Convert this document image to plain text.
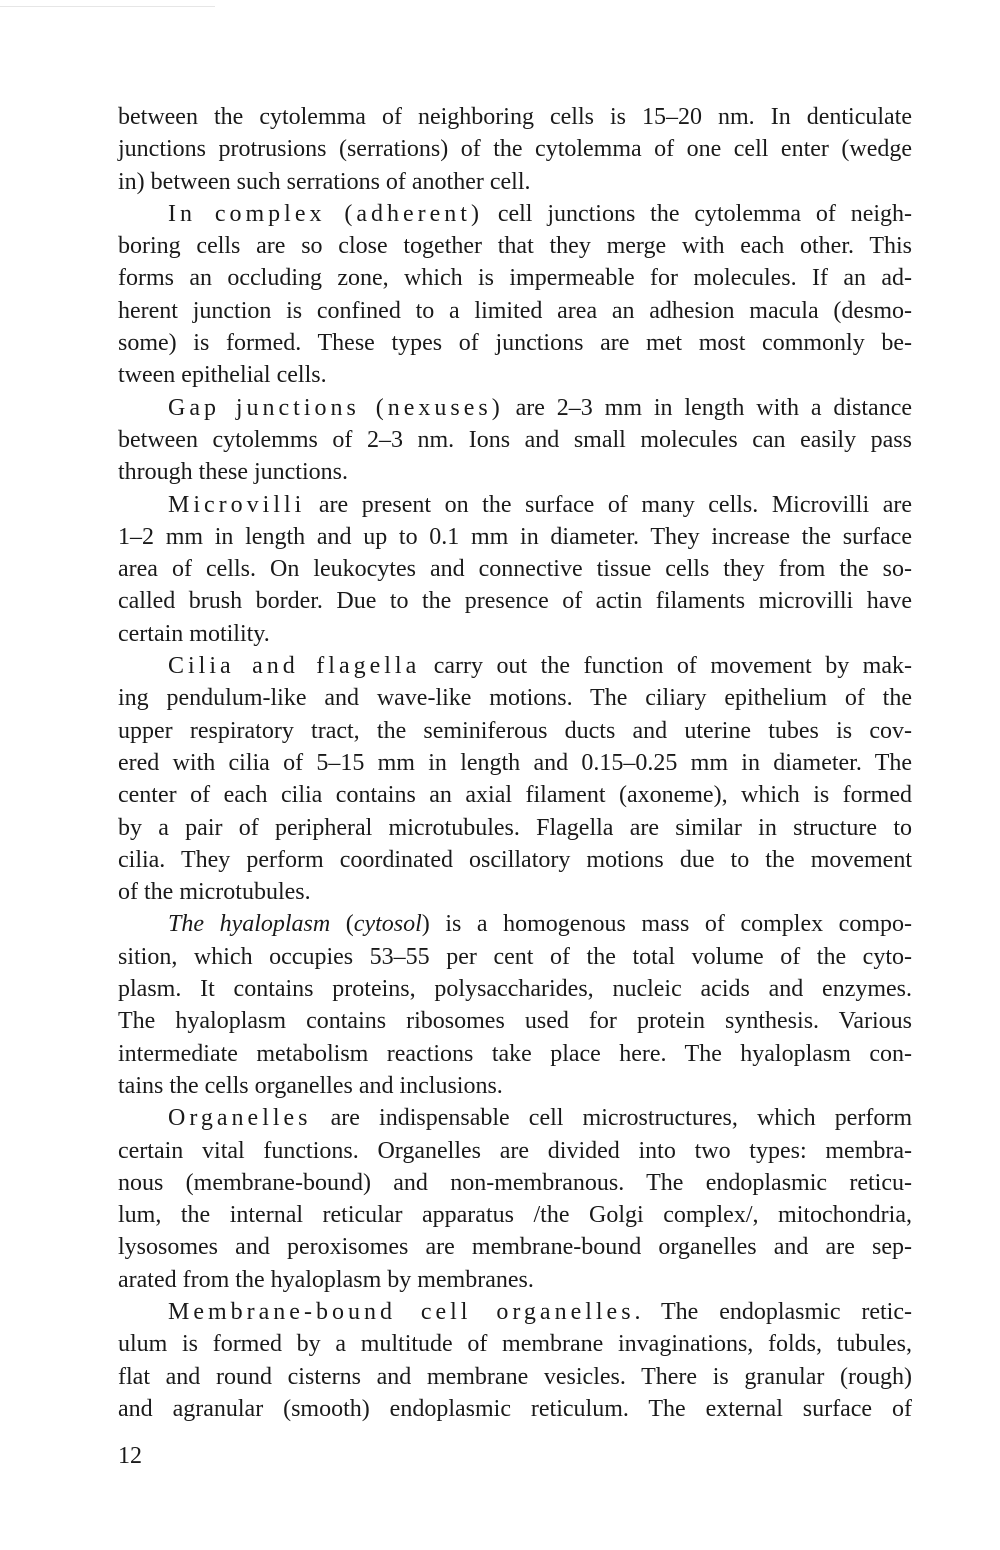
between the cytolemma of neighboring cells is 15–20 nm. In denticulate
junctions protrusions (serrations) of the cytolemma of one cell enter (wedge
in) between such serrations of another cell.
In complex (adherent) cell junctions the cytolemma of neigh-
boring cells are so close together that they merge with each other. This
forms an occluding zone, which is impermeable for molecules. If an ad-
herent junction is confined to a limited area an adhesion macula (desmo-
some) is formed. These types of junctions are met most commonly be-
tween epithelial cells.
Gap junctions (nexuses) are 2–3 mm in length with a distance
between cytolemms of 2–3 nm. Ions and small molecules can easily pass
through these junctions.
Microvilli are present on the surface of many cells. Microvilli are
1–2 mm in length and up to 0.1 mm in diameter. They increase the surface
area of cells. On leukocytes and connective tissue cells they from the so-
called brush border. Due to the presence of actin filaments microvilli have
certain motility.
Cilia and flagella carry out the function of movement by mak-
ing pendulum-like and wave-like motions. The ciliary epithelium of the
upper respiratory tract, the seminiferous ducts and uterine tubes is cov-
ered with cilia of 5–15 mm in length and 0.15–0.25 mm in diameter. The
center of each cilia contains an axial filament (axoneme), which is formed
by a pair of peripheral microtubules. Flagella are similar in structure to
cilia. They perform coordinated oscillatory motions due to the movement
of the microtubules.
The hyaloplasm (cytosol) is a homogenous mass of complex compo-
sition, which occupies 53–55 per cent of the total volume of the cyto-
plasm. It contains proteins, polysaccharides, nucleic acids and enzymes.
The hyaloplasm contains ribosomes used for protein synthesis. Various
intermediate metabolism reactions take place here. The hyaloplasm con-
tains the cells organelles and inclusions.
Organelles are indispensable cell microstructures, which perform
certain vital functions. Organelles are divided into two types: membra-
nous (membrane-bound) and non-membranous. The endoplasmic reticu-
lum, the internal reticular apparatus /the Golgi complex/, mitochondria,
lysosomes and peroxisomes are membrane-bound organelles and are sep-
arated from the hyaloplasm by membranes.
Membrane-bound cell organelles. The endoplasmic retic-
ulum is formed by a multitude of membrane invaginations, folds, tubules,
flat and round cisterns and membrane vesicles. There is granular (rough)
and agranular (smooth) endoplasmic reticulum. The external surface of
12
